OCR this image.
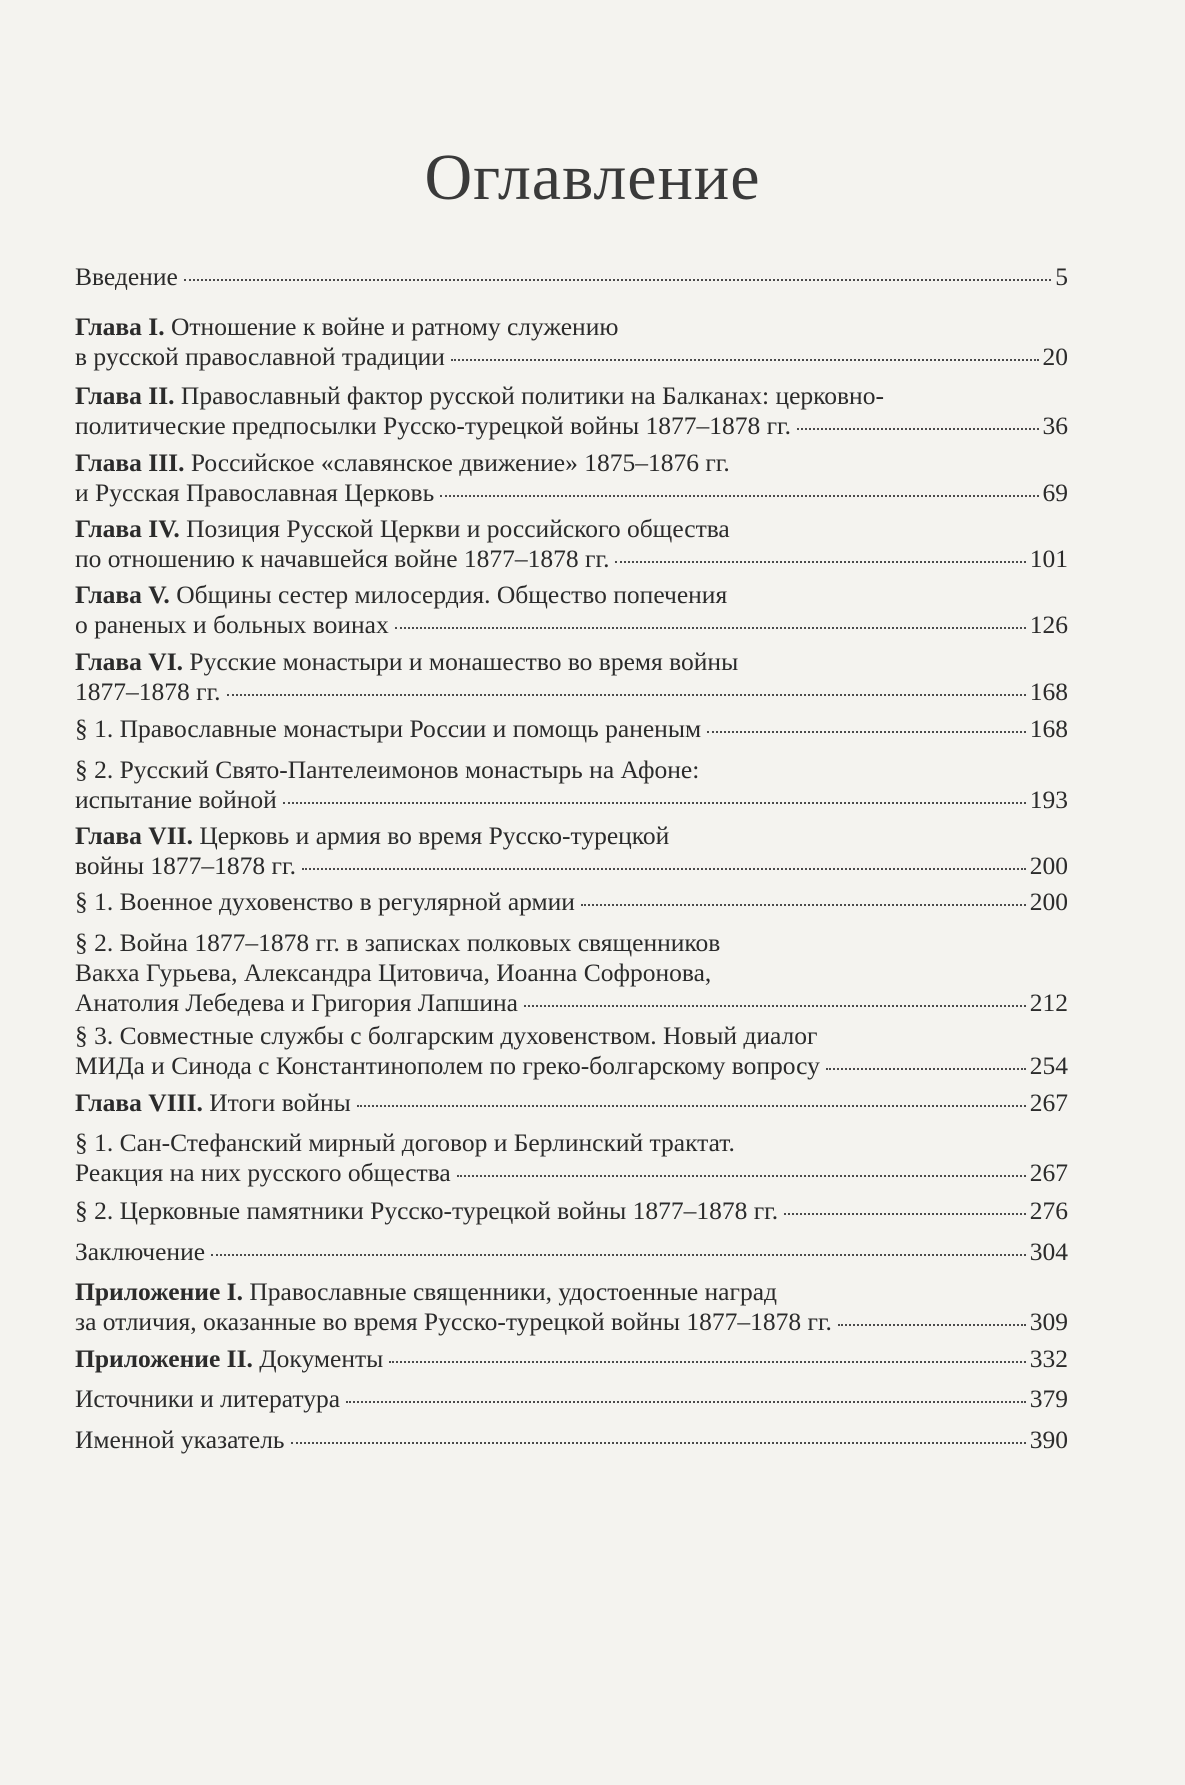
Оглавление
Введение	5
Глава I. Отношение к войне и ратному служению
в русской православной традиции	20
Глава II. Православный фактор русской политики на Балканах: церковно-
политические предпосылки Русско-турецкой войны 1877–1878 гг.	36
Глава III. Российское «славянское движение» 1875–1876 гг.
и Русская Православная Церковь	69
Глава IV. Позиция Русской Церкви и российского общества
по отношению к начавшейся войне 1877–1878 гг.	101
Глава V. Общины сестер милосердия. Общество попечения
о раненых и больных воинах	126
Глава VI. Русские монастыри и монашество во время войны
1877–1878 гг.	168
§ 1. Православные монастыри России и помощь раненым	168
§ 2. Русский Свято-Пантелеимонов монастырь на Афоне:
испытание войной	193
Глава VII. Церковь и армия во время Русско-турецкой
войны 1877–1878 гг.	200
§ 1. Военное духовенство в регулярной армии	200
§ 2. Война 1877–1878 гг. в записках полковых священников
Вакха Гурьева, Александра Цитовича, Иоанна Софронова,
Анатолия Лебедева и Григория Лапшина	212
§ 3. Совместные службы с болгарским духовенством. Новый диалог
МИДа и Синода с Константинополем по греко-болгарскому вопросу	254
Глава VIII. Итоги войны	267
§ 1. Сан-Стефанский мирный договор и Берлинский трактат.
Реакция на них русского общества	267
§ 2. Церковные памятники Русско-турецкой войны 1877–1878 гг.	276
Заключение	304
Приложение I. Православные священники, удостоенные наград
за отличия, оказанные во время Русско-турецкой войны 1877–1878 гг.	309
Приложение II. Документы	332
Источники и литература	379
Именной указатель	390
